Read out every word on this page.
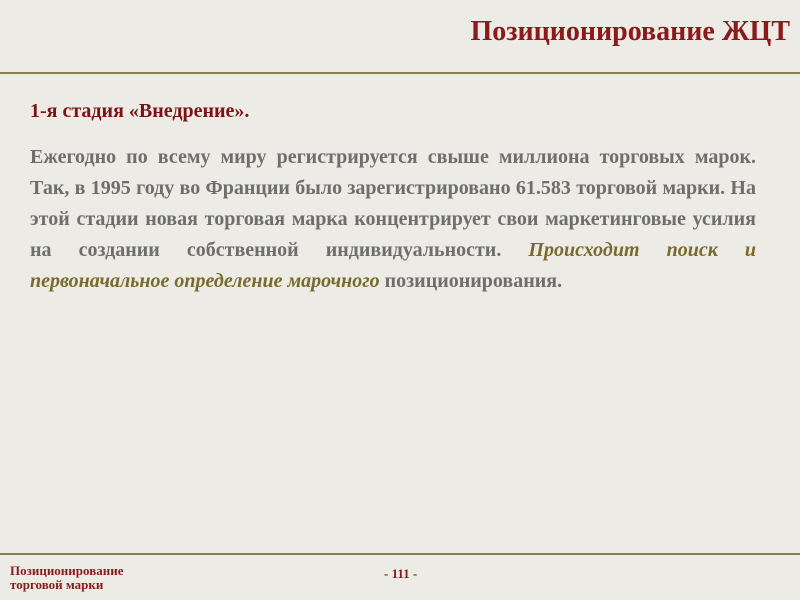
Позиционирование ЖЦТ

1-я стадия «Внедрение».

Ежегодно по всему миру регистрируется свыше миллиона торговых марок. Так, в 1995 году во Франции было зарегистрировано 61.583 торговой марки. На этой стадии новая торговая марка концентрирует свои маркетинговые усилия на создании собственной индивидуальности. Происходит поиск и первоначальное определение марочного позиционирования.

Позиционирование
торговой марки
- 111 -
